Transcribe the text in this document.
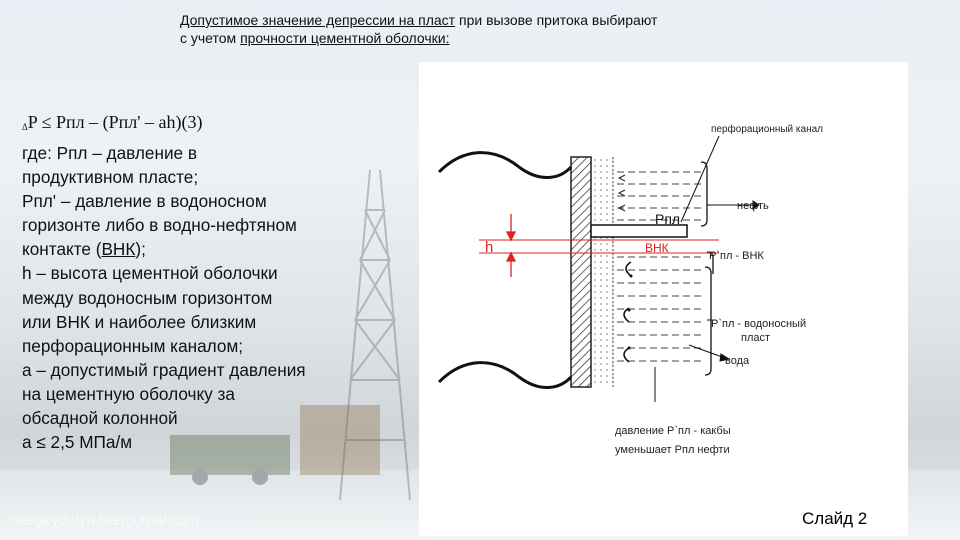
Допустимое значение депрессии на пласт при вызове притока выбирают
с учетом прочности цементной оболочки:
ΔP ≤ Pпл – (Pпл' – ah)(3)
где: Pпл – давление в
продуктивном пласте;
Pпл' – давление в водоносном
горизонте либо в водно-нефтяном
контакте (ВНК);
h – высота цементной оболочки
между водоносным горизонтом
или ВНК и наиболее близким
перфорационным каналом;
a – допустимый градиент давления
на цементную оболочку за
обсадной колонной
a ≤ 2,5 МПа/м
Pпл
ВНК
h
перфорационный канал
нефть
P`пл - ВНК
P`пл - водоносный
пласт
вода
давление P`пл - какбы
уменьшает Pпл нефти
sergeydolya.livejournal.com
www.Sltfast.ru
Слайд 2
